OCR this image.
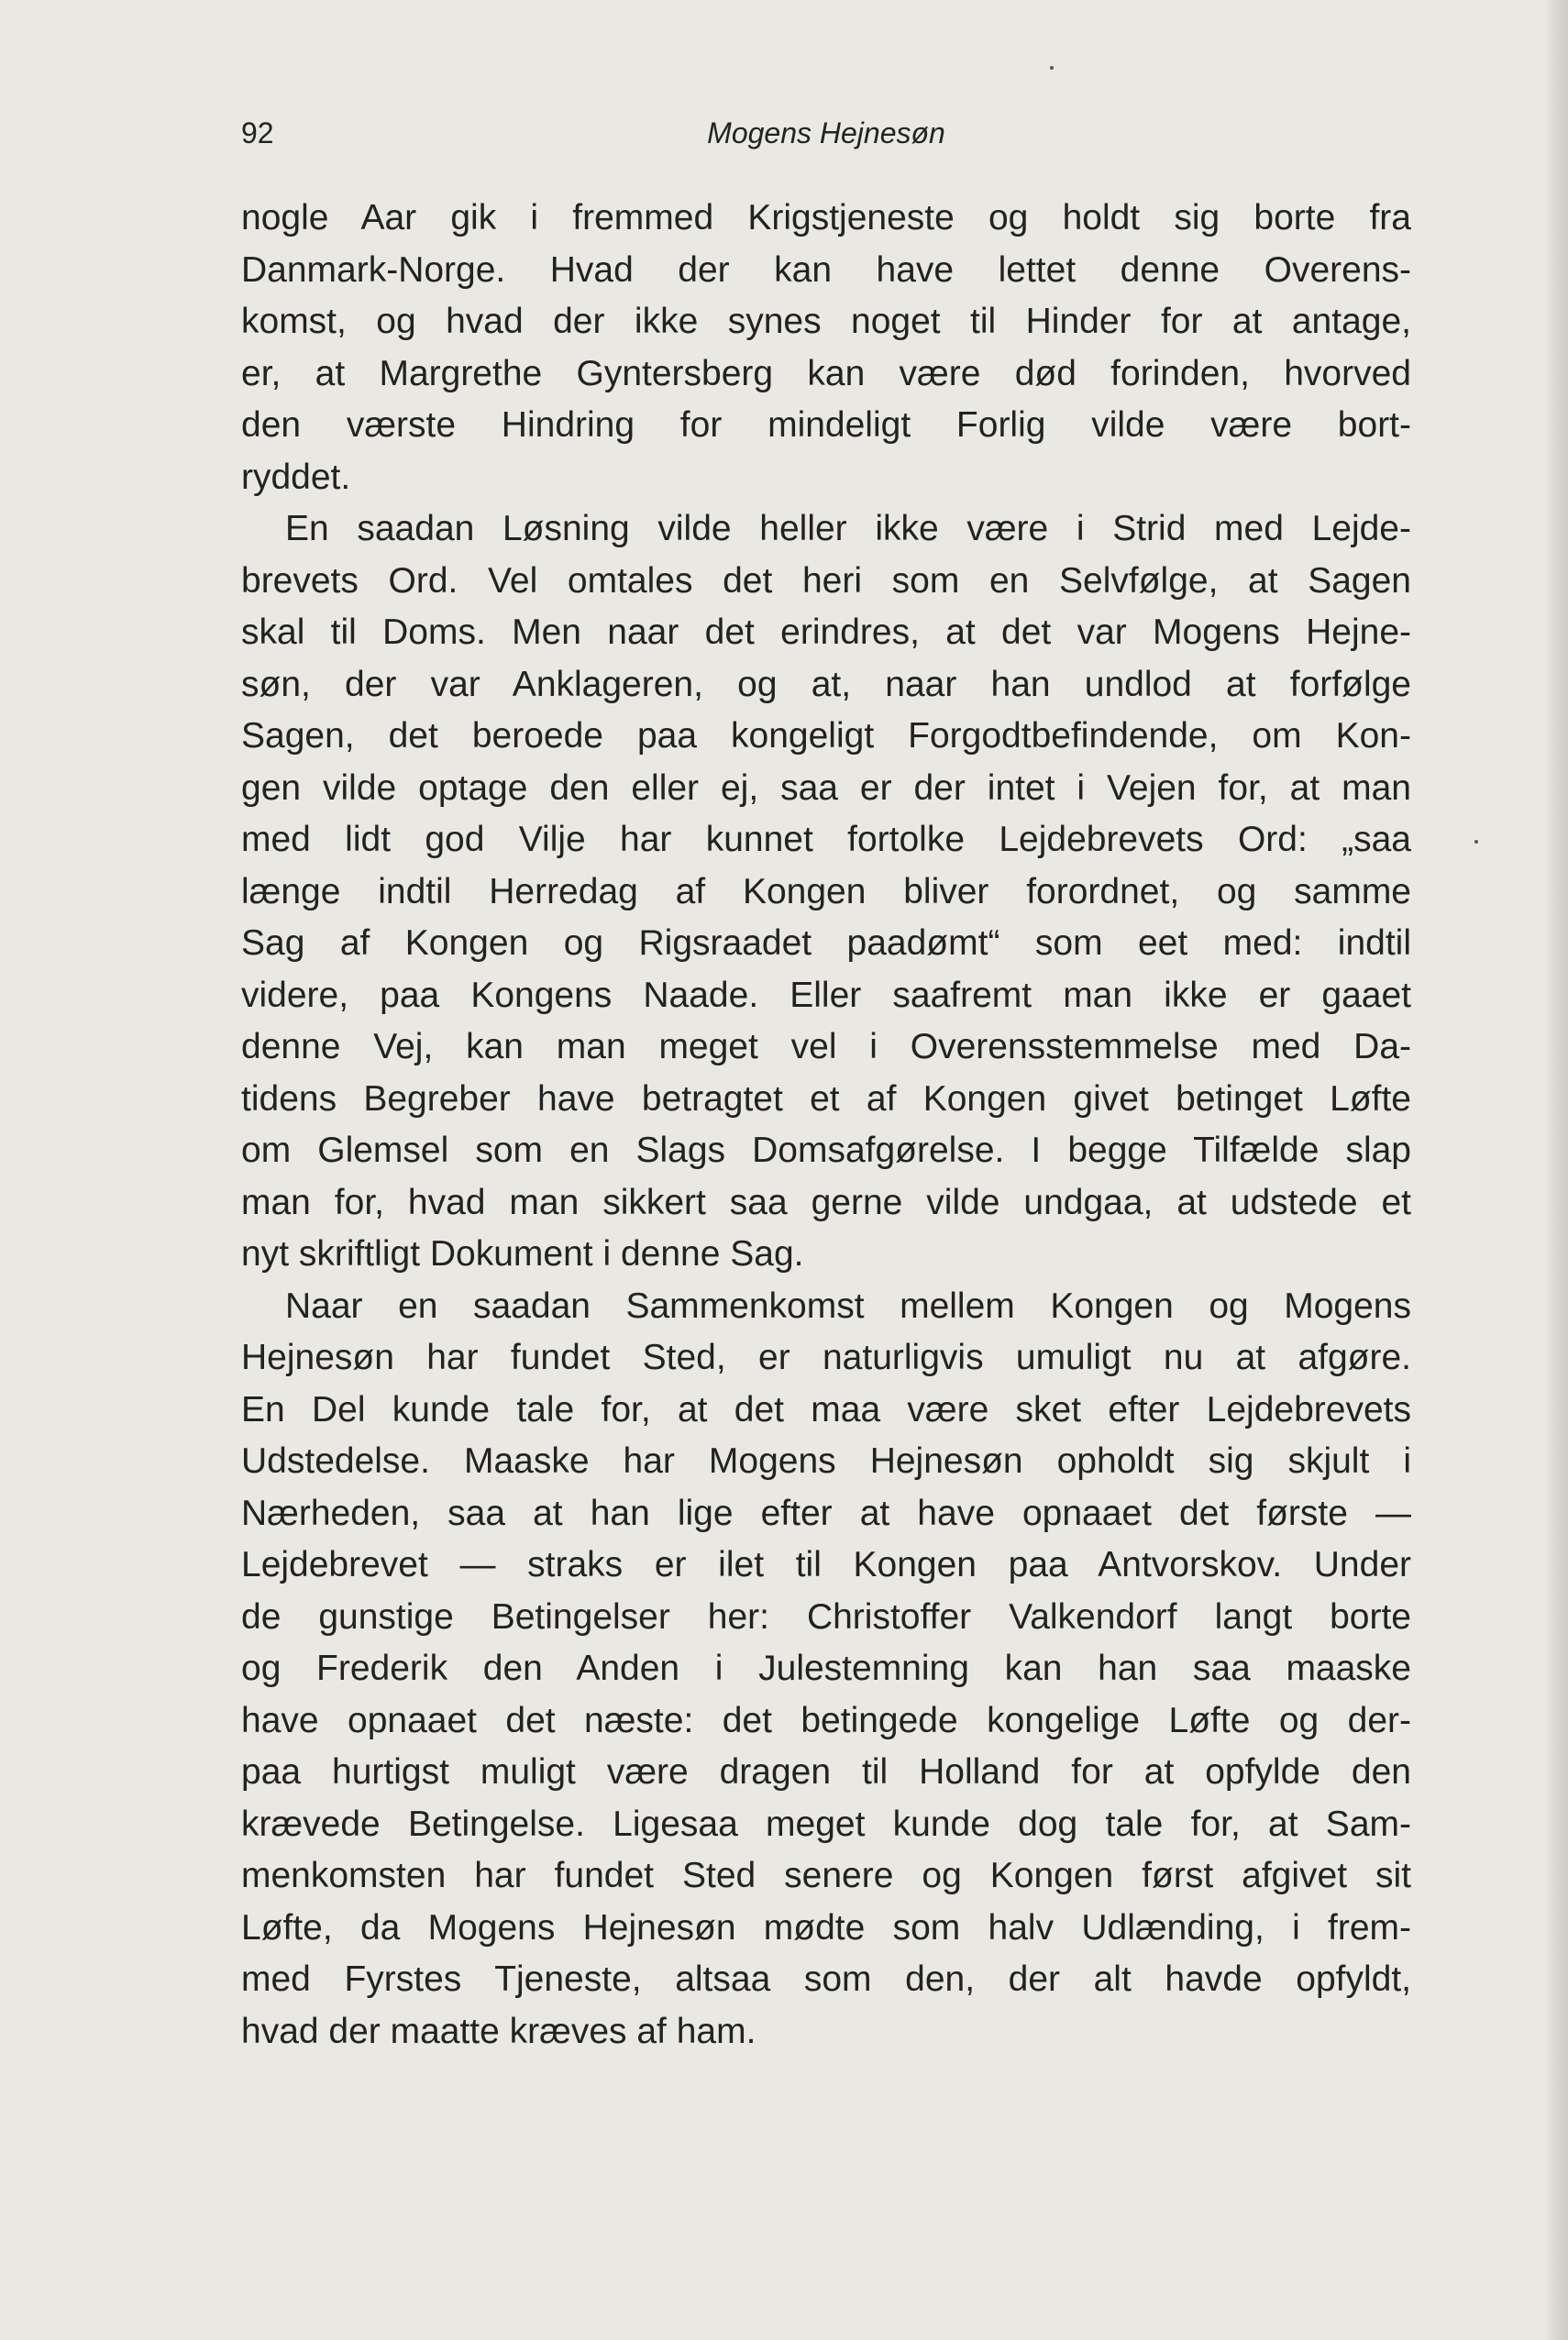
92	Mogens Hejnesøn
nogle Aar gik i fremmed Krigstjeneste og holdt sig borte fra
Danmark-Norge. Hvad der kan have lettet denne Overens-
komst, og hvad der ikke synes noget til Hinder for at antage,
er, at Margrethe Gyntersberg kan være død forinden, hvorved
den værste Hindring for mindeligt Forlig vilde være bort-
ryddet.
En saadan Løsning vilde heller ikke være i Strid med Lejde-
brevets Ord. Vel omtales det heri som en Selvfølge, at Sagen
skal til Doms. Men naar det erindres, at det var Mogens Hejne-
søn, der var Anklageren, og at, naar han undlod at forfølge
Sagen, det beroede paa kongeligt Forgodtbefindende, om Kon-
gen vilde optage den eller ej, saa er der intet i Vejen for, at man
med lidt god Vilje har kunnet fortolke Lejdebrevets Ord: „saa
længe indtil Herredag af Kongen bliver forordnet, og samme
Sag af Kongen og Rigsraadet paadømt“ som eet med: indtil
videre, paa Kongens Naade. Eller saafremt man ikke er gaaet
denne Vej, kan man meget vel i Overensstemmelse med Da-
tidens Begreber have betragtet et af Kongen givet betinget Løfte
om Glemsel som en Slags Domsafgørelse. I begge Tilfælde slap
man for, hvad man sikkert saa gerne vilde undgaa, at udstede et
nyt skriftligt Dokument i denne Sag.
Naar en saadan Sammenkomst mellem Kongen og Mogens
Hejnesøn har fundet Sted, er naturligvis umuligt nu at afgøre.
En Del kunde tale for, at det maa være sket efter Lejdebrevets
Udstedelse. Maaske har Mogens Hejnesøn opholdt sig skjult i
Nærheden, saa at han lige efter at have opnaaet det første —
Lejdebrevet — straks er ilet til Kongen paa Antvorskov. Under
de gunstige Betingelser her: Christoffer Valkendorf langt borte
og Frederik den Anden i Julestemning kan han saa maaske
have opnaaet det næste: det betingede kongelige Løfte og der-
paa hurtigst muligt være dragen til Holland for at opfylde den
krævede Betingelse. Ligesaa meget kunde dog tale for, at Sam-
menkomsten har fundet Sted senere og Kongen først afgivet sit
Løfte, da Mogens Hejnesøn mødte som halv Udlænding, i frem-
med Fyrstes Tjeneste, altsaa som den, der alt havde opfyldt,
hvad der maatte kræves af ham.
